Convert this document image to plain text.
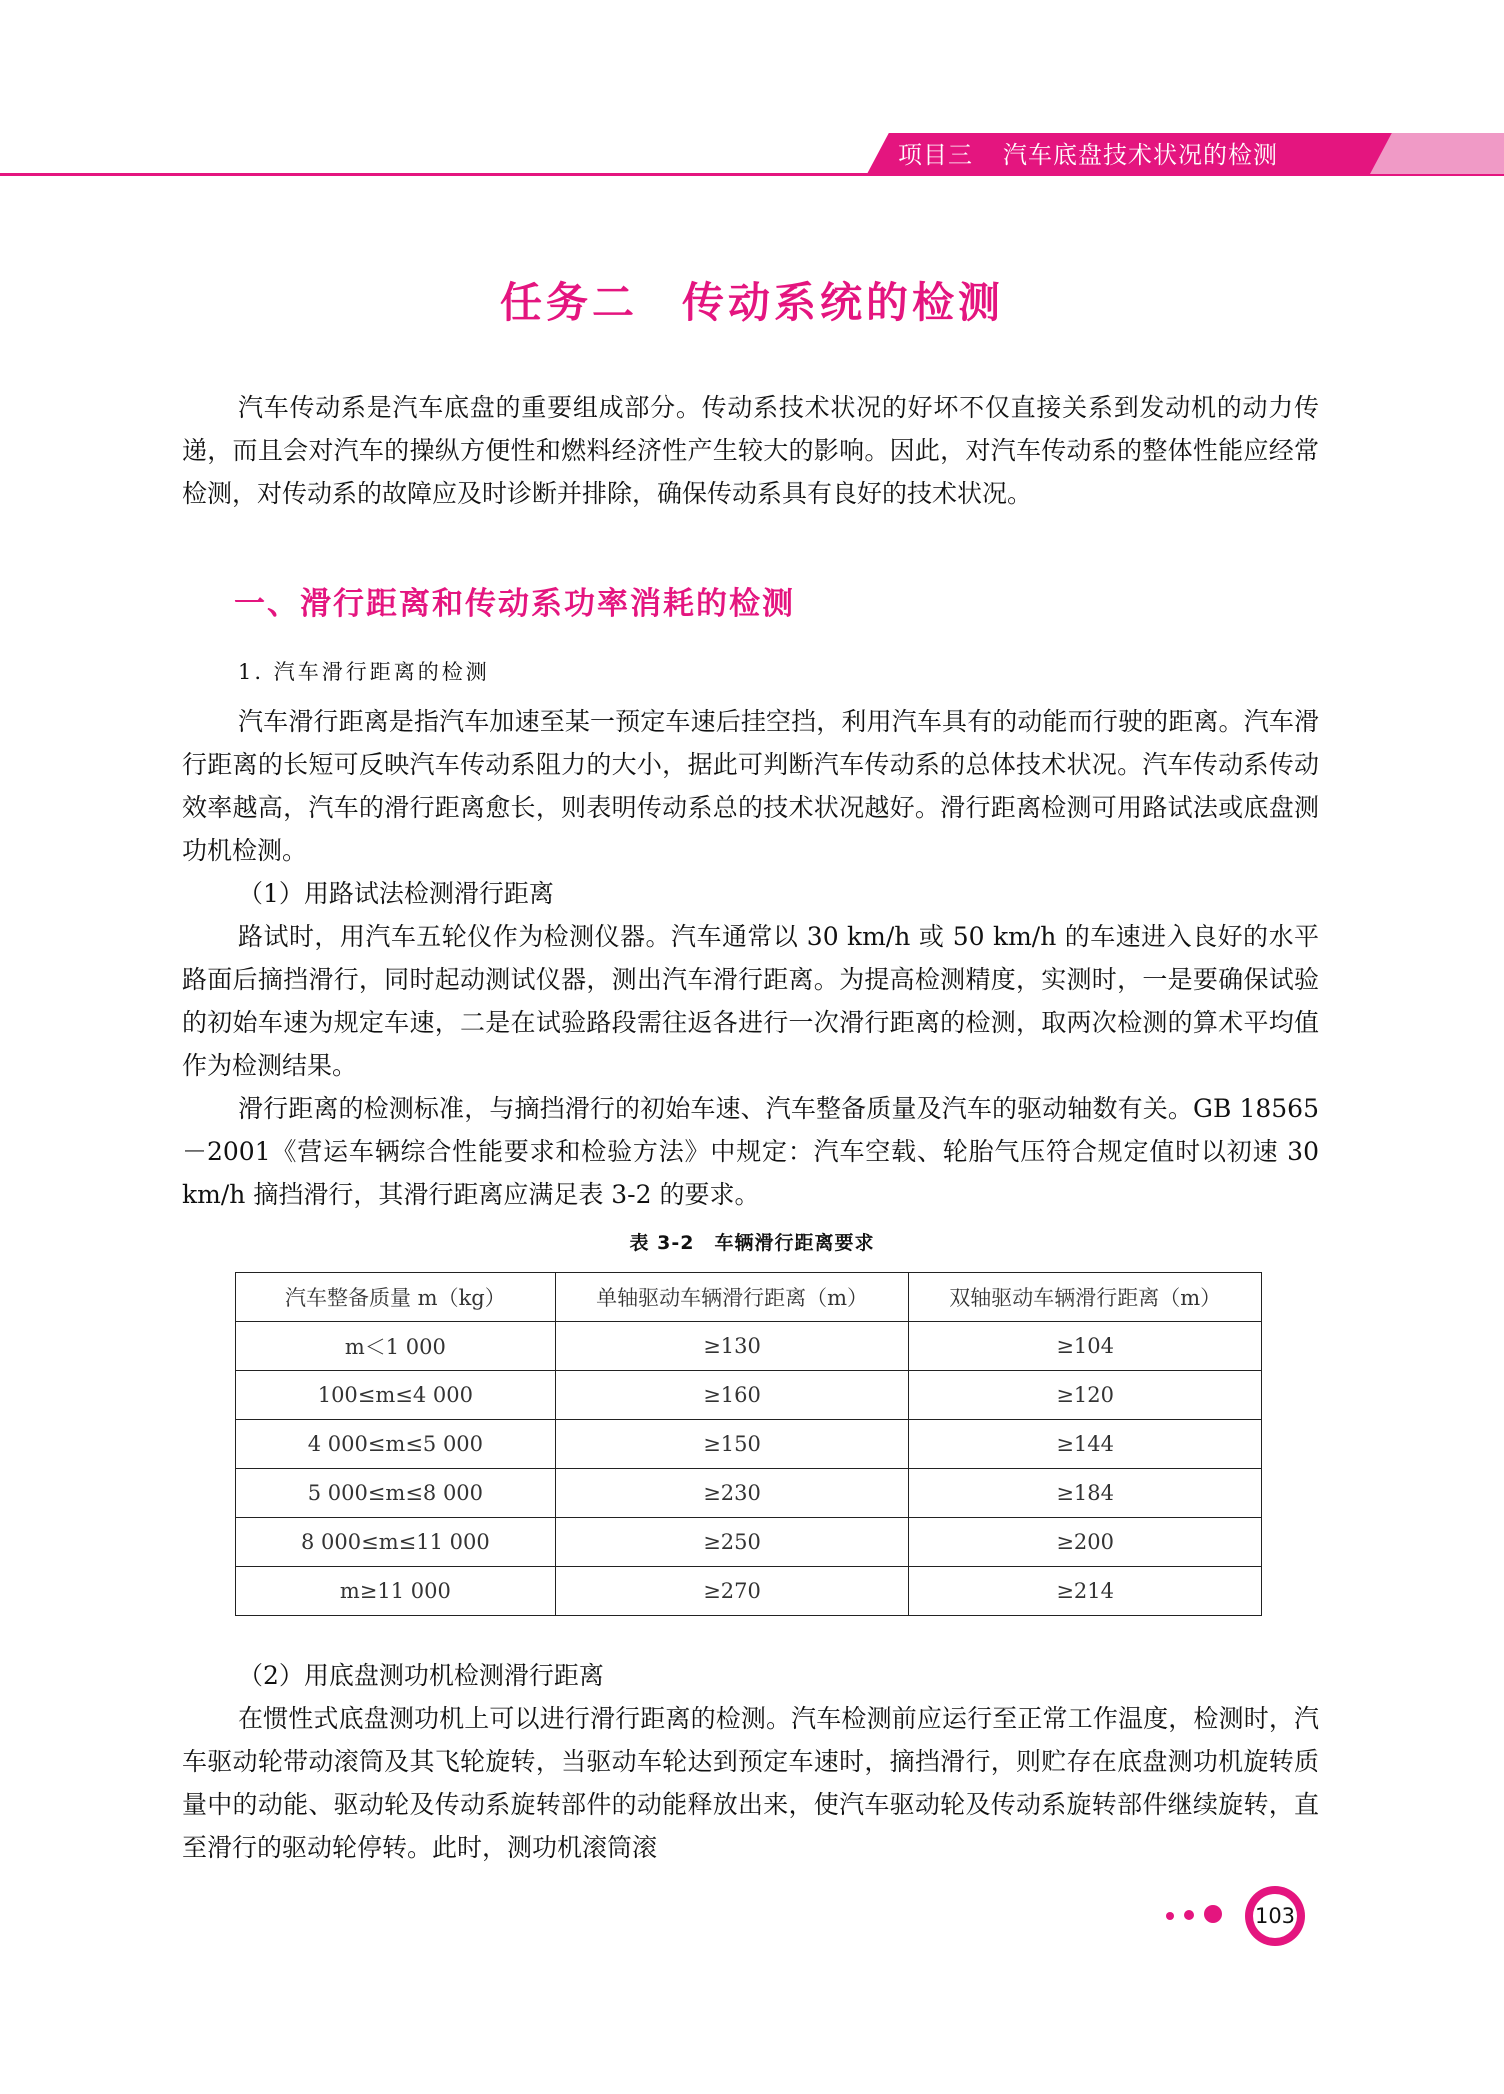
项目三 汽车底盘技术状况的检测
任务二 传动系统的检测

汽车传动系是汽车底盘的重要组成部分。传动系技术状况的好坏不仅直接关系到发动机的动力传递，而且会对汽车的操纵方便性和燃料经济性产生较大的影响。因此，对汽车传动系的整体性能应经常检测，对传动系的故障应及时诊断并排除，确保传动系具有良好的技术状况。

一、滑行距离和传动系功率消耗的检测

1. 汽车滑行距离的检测

汽车滑行距离是指汽车加速至某一预定车速后挂空挡，利用汽车具有的动能而行驶的距离。汽车滑行距离的长短可反映汽车传动系阻力的大小，据此可判断汽车传动系的总体技术状况。汽车传动系传动效率越高，汽车的滑行距离愈长，则表明传动系总的技术状况越好。滑行距离检测可用路试法或底盘测功机检测。

（1）用路试法检测滑行距离

路试时，用汽车五轮仪作为检测仪器。汽车通常以 30 km/h 或 50 km/h 的车速进入良好的水平路面后摘挡滑行，同时起动测试仪器，测出汽车滑行距离。为提高检测精度，实测时，一是要确保试验的初始车速为规定车速，二是在试验路段需往返各进行一次滑行距离的检测，取两次检测的算术平均值作为检测结果。

滑行距离的检测标准，与摘挡滑行的初始车速、汽车整备质量及汽车的驱动轴数有关。GB 18565－2001《营运车辆综合性能要求和检验方法》中规定：汽车空载、轮胎气压符合规定值时以初速 30 km/h 摘挡滑行，其滑行距离应满足表 3-2 的要求。

表 3-2 车辆滑行距离要求
汽车整备质量 m（kg）	单轴驱动车辆滑行距离（m）	双轴驱动车辆滑行距离（m）
m＜1 000	≥130	≥104
100≤m≤4 000	≥160	≥120
4 000≤m≤5 000	≥150	≥144
5 000≤m≤8 000	≥230	≥184
8 000≤m≤11 000	≥250	≥200
m≥11 000	≥270	≥214

（2）用底盘测功机检测滑行距离

在惯性式底盘测功机上可以进行滑行距离的检测。汽车检测前应运行至正常工作温度，检测时，汽车驱动轮带动滚筒及其飞轮旋转，当驱动车轮达到预定车速时，摘挡滑行，则贮存在底盘测功机旋转质量中的动能、驱动轮及传动系旋转部件的动能释放出来，使汽车驱动轮及传动系旋转部件继续旋转，直至滑行的驱动轮停转。此时，测功机滚筒滚

103
